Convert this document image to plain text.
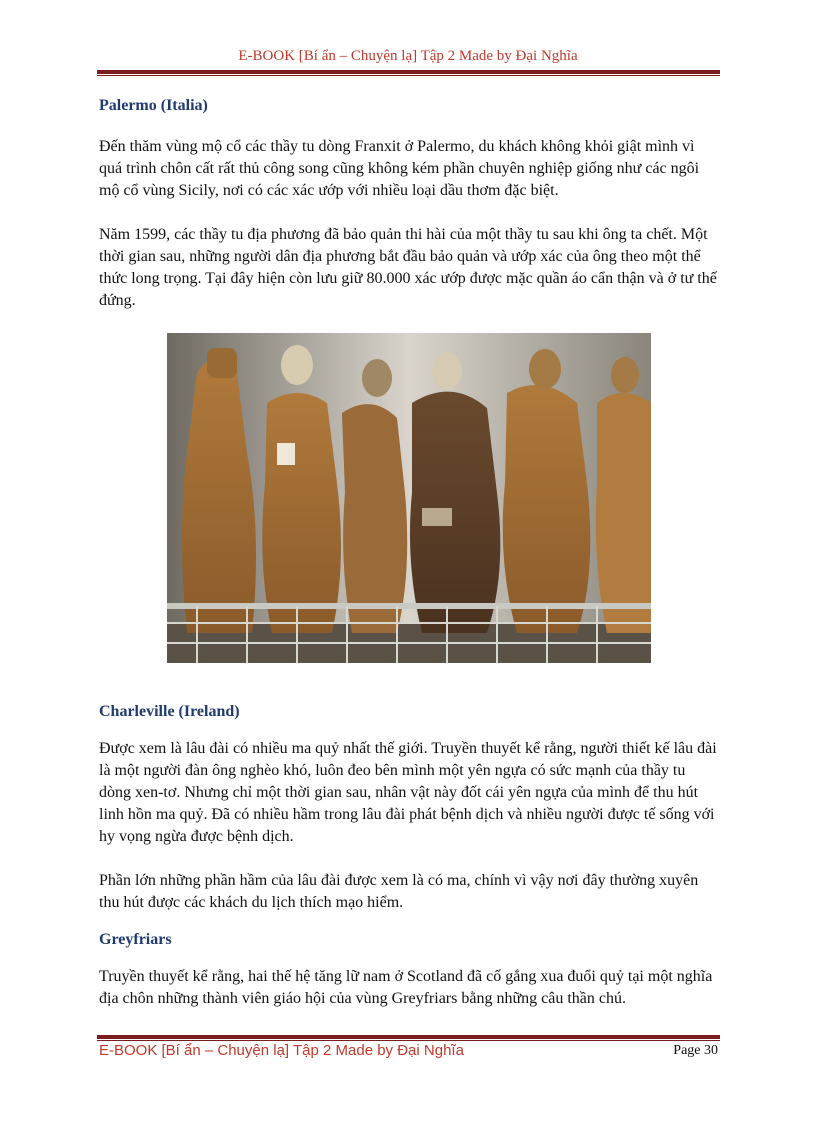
E-BOOK [Bí ẩn – Chuyện lạ] Tập 2 Made by Đại Nghĩa
Palermo (Italia)

Đến thăm vùng mộ cổ các thầy tu dòng Franxit ở Palermo, du khách không khỏi giật mình vì quá trình chôn cất rất thủ công song cũng không kém phần chuyên nghiệp giống như các ngôi mộ cổ vùng Sicily, nơi có các xác ướp với nhiều loại dầu thơm đặc biệt.

Năm 1599, các thầy tu địa phương đã bảo quản thi hài của một thầy tu sau khi ông ta chết. Một thời gian sau, những người dân địa phương bắt đầu bảo quản và ướp xác của ông theo một thể thức long trọng. Tại đây hiện còn lưu giữ 80.000 xác ướp được mặc quần áo cẩn thận và ở tư thế đứng.

Charleville (Ireland)

Được xem là lâu đài có nhiều ma quỷ nhất thế giới. Truyền thuyết kể rằng, người thiết kế lâu đài là một người đàn ông nghèo khó, luôn đeo bên mình một yên ngựa có sức mạnh của thầy tu dòng xen-tơ. Nhưng chỉ một thời gian sau, nhân vật này đốt cái yên ngựa của mình để thu hút linh hồn ma quỷ. Đã có nhiều hầm trong lâu đài phát bệnh dịch và nhiều người được tế sống với hy vọng ngừa được bệnh dịch.

Phần lớn những phần hầm của lâu đài được xem là có ma, chính vì vậy nơi đây thường xuyên thu hút được các khách du lịch thích mạo hiểm.

Greyfriars

Truyền thuyết kể rằng, hai thế hệ tăng lữ nam ở Scotland đã cố gắng xua đuổi quỷ tại một nghĩa địa chôn những thành viên giáo hội của vùng Greyfriars bằng những câu thần chú.

E-BOOK [Bí ẩn – Chuyện lạ] Tập 2 Made by Đại Nghĩa	Page 30
